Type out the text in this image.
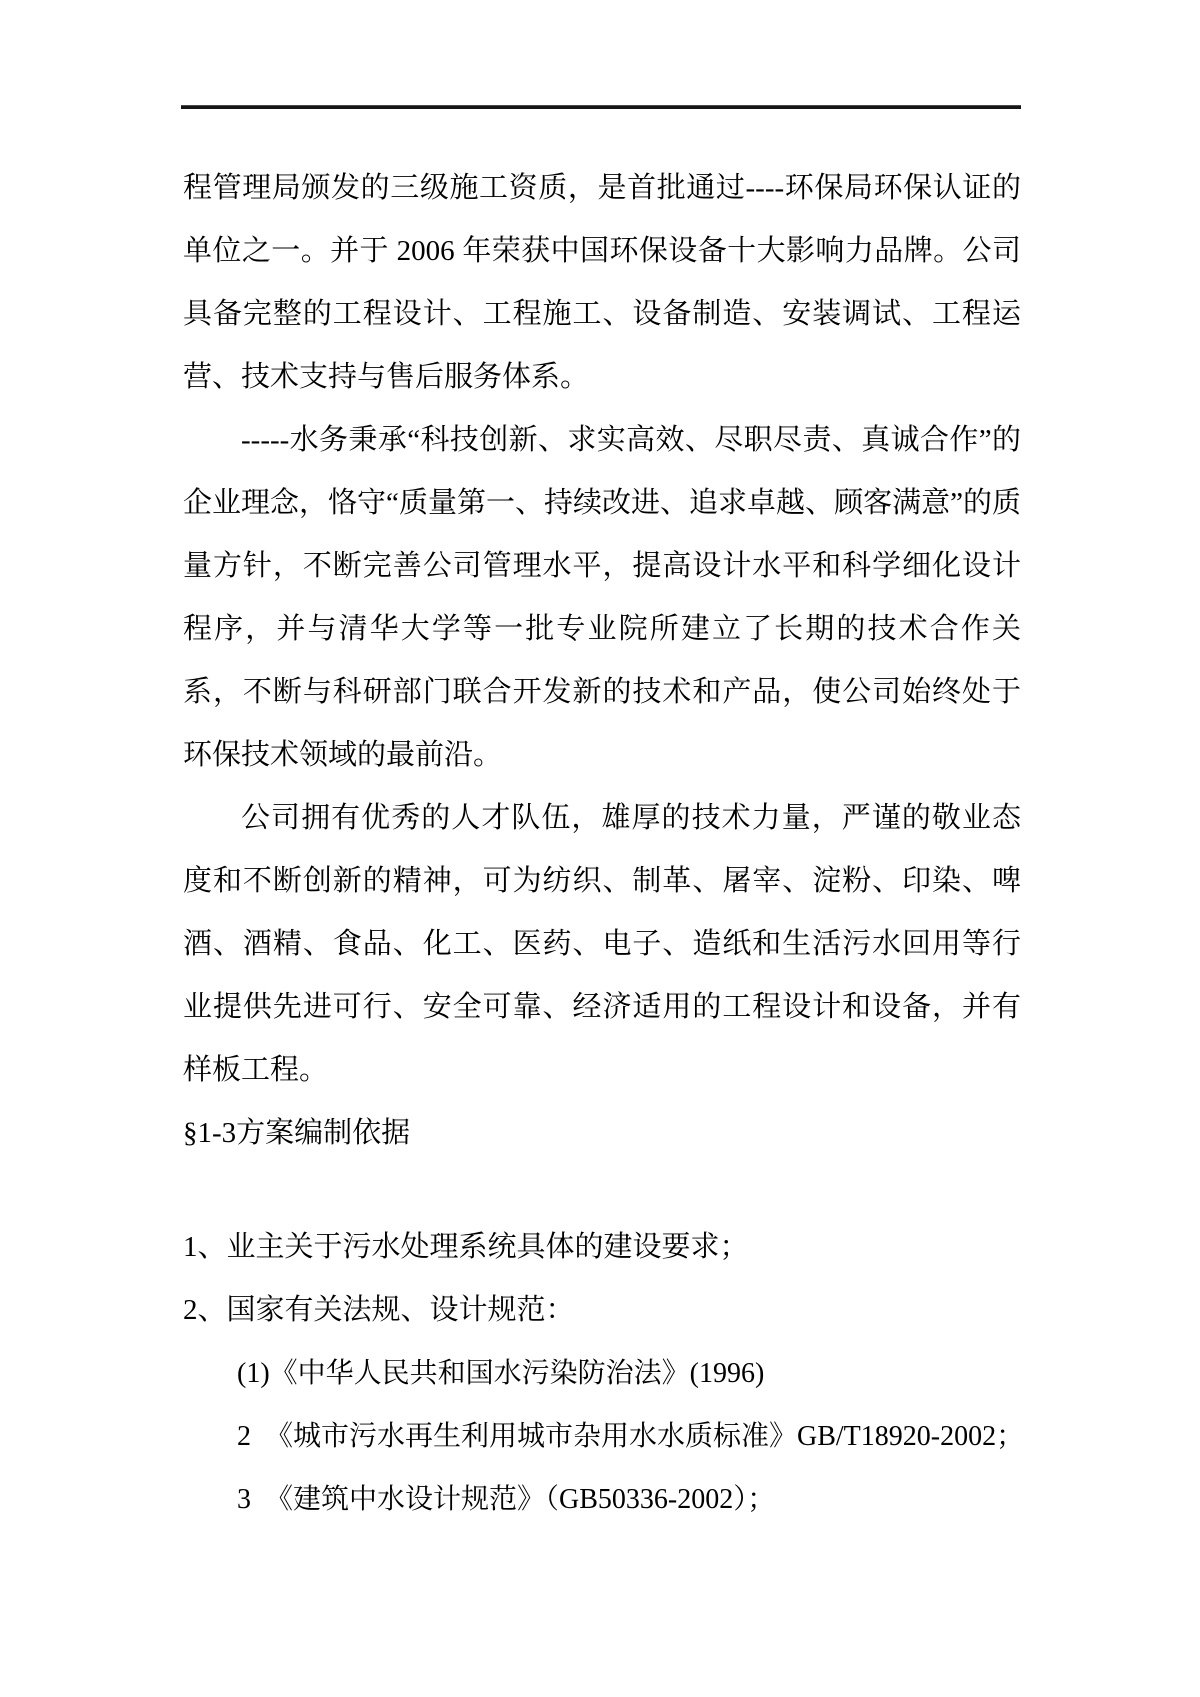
程管理局颁发的三级施工资质，是首批通过----环保局环保认证的单位之一。并于 2006 年荣获中国环保设备十大影响力品牌。公司具备完整的工程设计、工程施工、设备制造、安装调试、工程运营、技术支持与售后服务体系。

-----水务秉承“科技创新、求实高效、尽职尽责、真诚合作”的企业理念，恪守“质量第一、持续改进、追求卓越、顾客满意”的质量方针，不断完善公司管理水平，提高设计水平和科学细化设计程序，并与清华大学等一批专业院所建立了长期的技术合作关系，不断与科研部门联合开发新的技术和产品，使公司始终处于环保技术领域的最前沿。

公司拥有优秀的人才队伍，雄厚的技术力量，严谨的敬业态度和不断创新的精神，可为纺织、制革、屠宰、淀粉、印染、啤酒、酒精、食品、化工、医药、电子、造纸和生活污水回用等行业提供先进可行、安全可靠、经济适用的工程设计和设备，并有样板工程。

§1-3方案编制依据

1、业主关于污水处理系统具体的建设要求；

2、国家有关法规、设计规范：

(1)《中华人民共和国水污染防治法》(1996)

2　《城市污水再生利用城市杂用水水质标准》GB/T18920-2002；

3　《建筑中水设计规范》（GB50336-2002）；
